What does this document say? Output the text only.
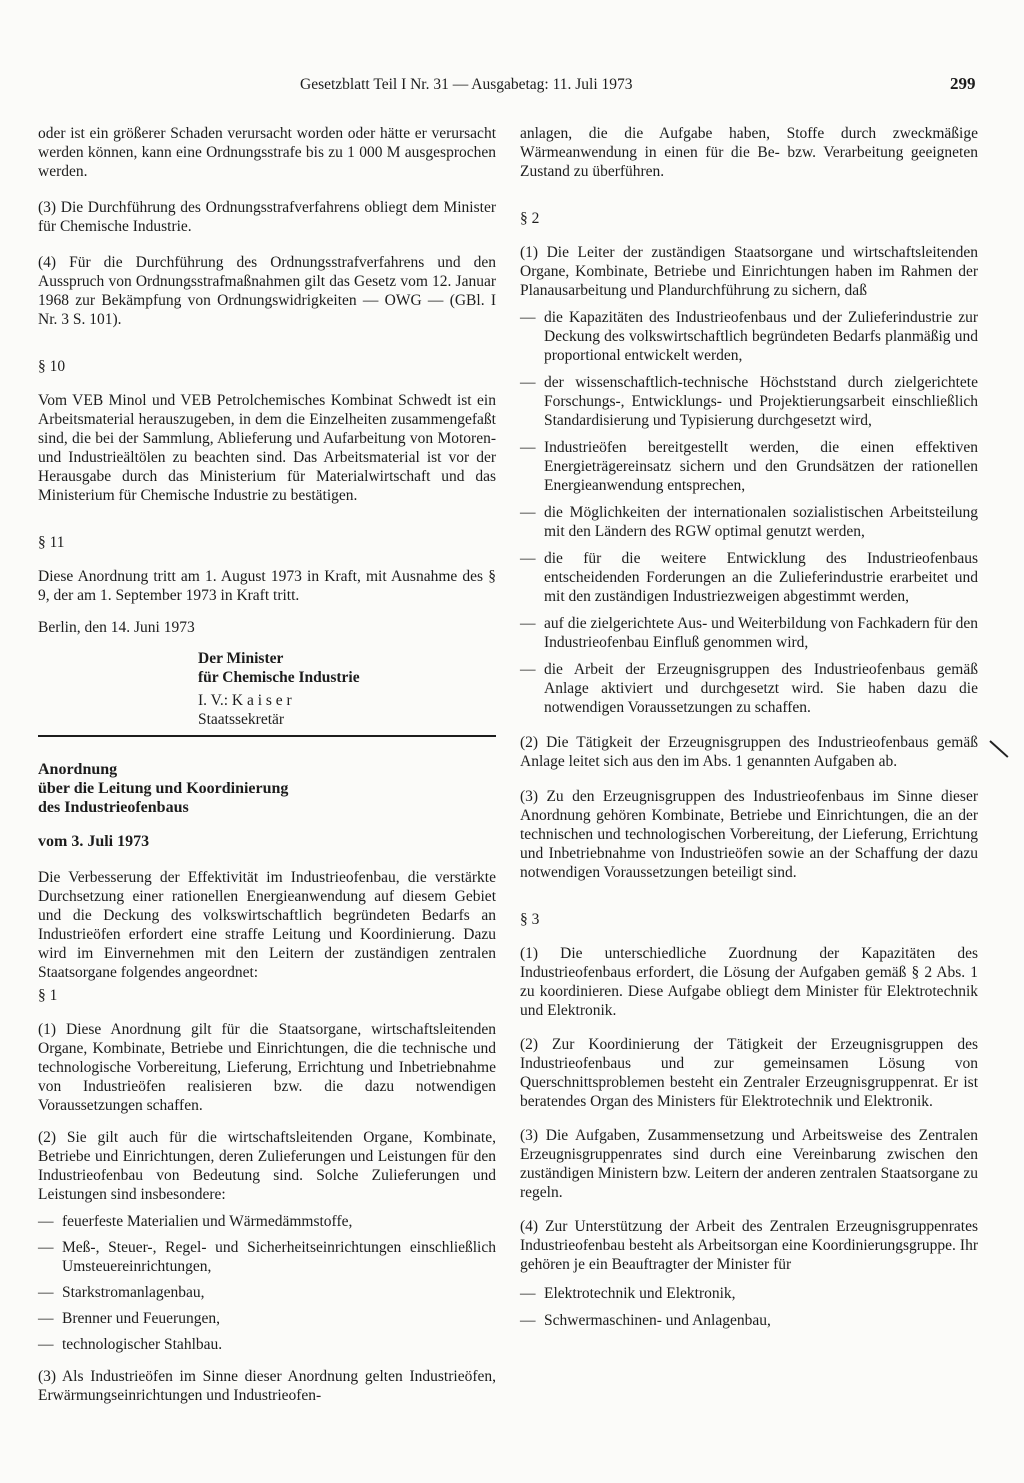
Gesetzblatt Teil I Nr. 31 — Ausgabetag: 11. Juli 1973	299

oder ist ein größerer Schaden verursacht worden oder hätte er verursacht werden können, kann eine Ordnungsstrafe bis zu 1 000 M ausgesprochen werden.

(3) Die Durchführung des Ordnungsstrafverfahrens obliegt dem Minister für Chemische Industrie.

(4) Für die Durchführung des Ordnungsstrafverfahrens und den Ausspruch von Ordnungsstrafmaßnahmen gilt das Gesetz vom 12. Januar 1968 zur Bekämpfung von Ordnungswidrigkeiten — OWG — (GBl. I Nr. 3 S. 101).

§ 10

Vom VEB Minol und VEB Petrolchemisches Kombinat Schwedt ist ein Arbeitsmaterial herauszugeben, in dem die Einzelheiten zusammengefaßt sind, die bei der Sammlung, Ablieferung und Aufarbeitung von Motoren- und Industrieältölen zu beachten sind. Das Arbeitsmaterial ist vor der Herausgabe durch das Ministerium für Materialwirtschaft und das Ministerium für Chemische Industrie zu bestätigen.

§ 11

Diese Anordnung tritt am 1. August 1973 in Kraft, mit Ausnahme des § 9, der am 1. September 1973 in Kraft tritt.

Berlin, den 14. Juni 1973

Der Minister

für Chemische Industrie

I. V.: K a i s e r

Staatssekretär

Anordnung

über die Leitung und Koordinierung

des Industrieofenbaus

vom 3. Juli 1973

Die Verbesserung der Effektivität im Industrieofenbau, die verstärkte Durchsetzung einer rationellen Energieanwendung auf diesem Gebiet und die Deckung des volkswirtschaftlich begründeten Bedarfs an Industrieöfen erfordert eine straffe Leitung und Koordinierung. Dazu wird im Einvernehmen mit den Leitern der zuständigen zentralen Staatsorgane folgendes angeordnet:

§ 1

(1) Diese Anordnung gilt für die Staatsorgane, wirtschaftsleitenden Organe, Kombinate, Betriebe und Einrichtungen, die die technische und technologische Vorbereitung, Lieferung, Errichtung und Inbetriebnahme von Industrieöfen realisieren bzw. die dazu notwendigen Voraussetzungen schaffen.

(2) Sie gilt auch für die wirtschaftsleitenden Organe, Kombinate, Betriebe und Einrichtungen, deren Zulieferungen und Leistungen für den Industrieofenbau von Bedeutung sind. Solche Zulieferungen und Leistungen sind insbesondere:

— feuerfeste Materialien und Wärmedämmstoffe,
— Meß-, Steuer-, Regel- und Sicherheitseinrichtungen einschließlich Umsteuereinrichtungen,
— Starkstromanlagenbau,
— Brenner und Feuerungen,
— technologischer Stahlbau.

(3) Als Industrieöfen im Sinne dieser Anordnung gelten Industrieöfen, Erwärmungseinrichtungen und Industrieofen-

anlagen, die die Aufgabe haben, Stoffe durch zweckmäßige Wärmeanwendung in einen für die Be- bzw. Verarbeitung geeigneten Zustand zu überführen.

§ 2

(1) Die Leiter der zuständigen Staatsorgane und wirtschaftsleitenden Organe, Kombinate, Betriebe und Einrichtungen haben im Rahmen der Planausarbeitung und Plandurchführung zu sichern, daß

— die Kapazitäten des Industrieofenbaus und der Zulieferindustrie zur Deckung des volkswirtschaftlich begründeten Bedarfs planmäßig und proportional entwickelt werden,
— der wissenschaftlich-technische Höchststand durch zielgerichtete Forschungs-, Entwicklungs- und Projektierungsarbeit einschließlich Standardisierung und Typisierung durchgesetzt wird,
— Industrieöfen bereitgestellt werden, die einen effektiven Energieträgereinsatz sichern und den Grundsätzen der rationellen Energieanwendung entsprechen,
— die Möglichkeiten der internationalen sozialistischen Arbeitsteilung mit den Ländern des RGW optimal genutzt werden,
— die für die weitere Entwicklung des Industrieofenbaus entscheidenden Forderungen an die Zulieferindustrie erarbeitet und mit den zuständigen Industriezweigen abgestimmt werden,
— auf die zielgerichtete Aus- und Weiterbildung von Fachkadern für den Industrieofenbau Einfluß genommen wird,
— die Arbeit der Erzeugnisgruppen des Industrieofenbaus gemäß Anlage aktiviert und durchgesetzt wird. Sie haben dazu die notwendigen Voraussetzungen zu schaffen.

(2) Die Tätigkeit der Erzeugnisgruppen des Industrieofenbaus gemäß Anlage leitet sich aus den im Abs. 1 genannten Aufgaben ab.

(3) Zu den Erzeugnisgruppen des Industrieofenbaus im Sinne dieser Anordnung gehören Kombinate, Betriebe und Einrichtungen, die an der technischen und technologischen Vorbereitung, der Lieferung, Errichtung und Inbetriebnahme von Industrieöfen sowie an der Schaffung der dazu notwendigen Voraussetzungen beteiligt sind.

§ 3

(1) Die unterschiedliche Zuordnung der Kapazitäten des Industrieofenbaus erfordert, die Lösung der Aufgaben gemäß § 2 Abs. 1 zu koordinieren. Diese Aufgabe obliegt dem Minister für Elektrotechnik und Elektronik.

(2) Zur Koordinierung der Tätigkeit der Erzeugnisgruppen des Industrieofenbaus und zur gemeinsamen Lösung von Querschnittsproblemen besteht ein Zentraler Erzeugnisgruppenrat. Er ist beratendes Organ des Ministers für Elektrotechnik und Elektronik.

(3) Die Aufgaben, Zusammensetzung und Arbeitsweise des Zentralen Erzeugnisgruppenrates sind durch eine Vereinbarung zwischen den zuständigen Ministern bzw. Leitern der anderen zentralen Staatsorgane zu regeln.

(4) Zur Unterstützung der Arbeit des Zentralen Erzeugnisgruppenrates Industrieofenbau besteht als Arbeitsorgan eine Koordinierungsgruppe. Ihr gehören je ein Beauftragter der Minister für

— Elektrotechnik und Elektronik,
— Schwermaschinen- und Anlagenbau,
